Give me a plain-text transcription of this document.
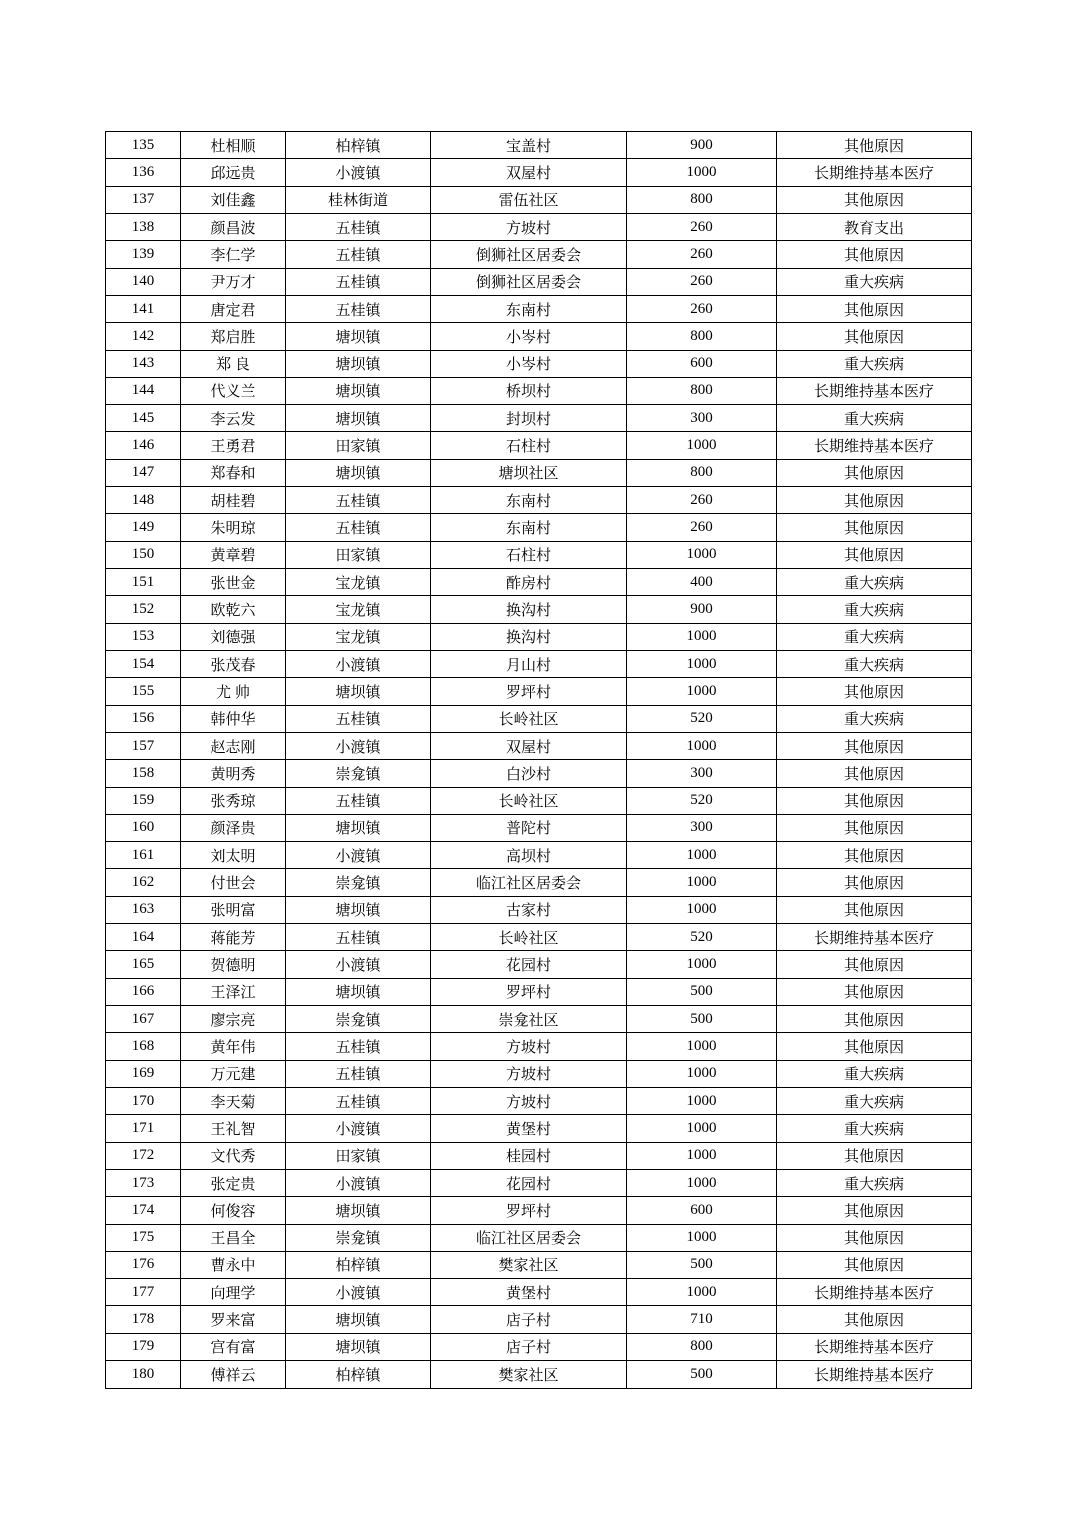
135	杜相顺	柏梓镇	宝盖村	900	其他原因
136	邱远贵	小渡镇	双屋村	1000	长期维持基本医疗
137	刘佳鑫	桂林街道	雷伍社区	800	其他原因
138	颜昌波	五桂镇	方坡村	260	教育支出
139	李仁学	五桂镇	倒狮社区居委会	260	其他原因
140	尹万才	五桂镇	倒狮社区居委会	260	重大疾病
141	唐定君	五桂镇	东南村	260	其他原因
142	郑启胜	塘坝镇	小岑村	800	其他原因
143	郑 良	塘坝镇	小岑村	600	重大疾病
144	代义兰	塘坝镇	桥坝村	800	长期维持基本医疗
145	李云发	塘坝镇	封坝村	300	重大疾病
146	王勇君	田家镇	石柱村	1000	长期维持基本医疗
147	郑春和	塘坝镇	塘坝社区	800	其他原因
148	胡桂碧	五桂镇	东南村	260	其他原因
149	朱明琼	五桂镇	东南村	260	其他原因
150	黄章碧	田家镇	石柱村	1000	其他原因
151	张世金	宝龙镇	酢房村	400	重大疾病
152	欧乾六	宝龙镇	换沟村	900	重大疾病
153	刘德强	宝龙镇	换沟村	1000	重大疾病
154	张茂春	小渡镇	月山村	1000	重大疾病
155	尤 帅	塘坝镇	罗坪村	1000	其他原因
156	韩仲华	五桂镇	长岭社区	520	重大疾病
157	赵志刚	小渡镇	双屋村	1000	其他原因
158	黄明秀	崇龛镇	白沙村	300	其他原因
159	张秀琼	五桂镇	长岭社区	520	其他原因
160	颜泽贵	塘坝镇	普陀村	300	其他原因
161	刘太明	小渡镇	高坝村	1000	其他原因
162	付世会	崇龛镇	临江社区居委会	1000	其他原因
163	张明富	塘坝镇	古家村	1000	其他原因
164	蒋能芳	五桂镇	长岭社区	520	长期维持基本医疗
165	贺德明	小渡镇	花园村	1000	其他原因
166	王泽江	塘坝镇	罗坪村	500	其他原因
167	廖宗亮	崇龛镇	崇龛社区	500	其他原因
168	黄年伟	五桂镇	方坡村	1000	其他原因
169	万元建	五桂镇	方坡村	1000	重大疾病
170	李天菊	五桂镇	方坡村	1000	重大疾病
171	王礼智	小渡镇	黄堡村	1000	重大疾病
172	文代秀	田家镇	桂园村	1000	其他原因
173	张定贵	小渡镇	花园村	1000	重大疾病
174	何俊容	塘坝镇	罗坪村	600	其他原因
175	王昌全	崇龛镇	临江社区居委会	1000	其他原因
176	曹永中	柏梓镇	樊家社区	500	其他原因
177	向理学	小渡镇	黄堡村	1000	长期维持基本医疗
178	罗来富	塘坝镇	店子村	710	其他原因
179	宫有富	塘坝镇	店子村	800	长期维持基本医疗
180	傅祥云	柏梓镇	樊家社区	500	长期维持基本医疗
